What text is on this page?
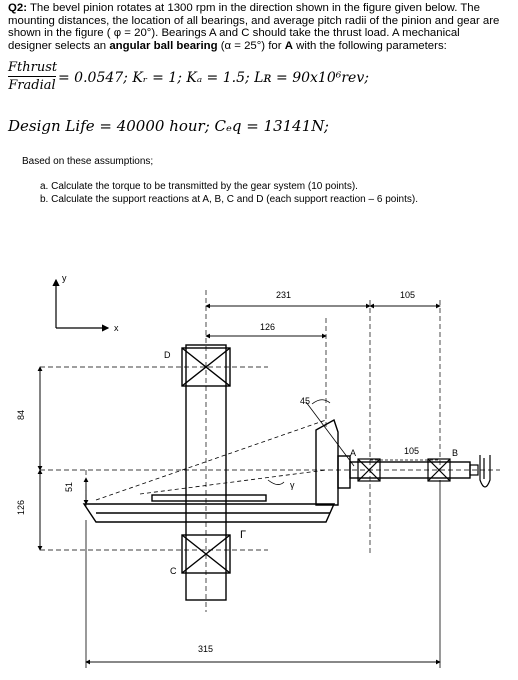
Q2: The bevel pinion rotates at 1300 rpm in the direction shown in the figure given below. The
mounting distances, the location of all bearings, and average pitch radii of the pinion and gear are
shown in the figure ( φ = 20°). Bearings A and C should take the thrust load. A mechanical
designer selects an angular ball bearing (α = 25°) for A with the following parameters:
Fthrust
Fradial = 0.0547; Kᵣ = 1; Kₐ = 1.5; Lʀ = 90x10⁶rev;
Design Life = 40000 hour; Cₑq = 13141N;
Based on these assumptions;
a. Calculate the torque to be transmitted by the gear system (10 points).
b. Calculate the support reactions at A, B, C and D (each support reaction – 6 points).
y
x
D
C
45
γ
Γ
A	B
231	105
126
105
84
51
126
315
